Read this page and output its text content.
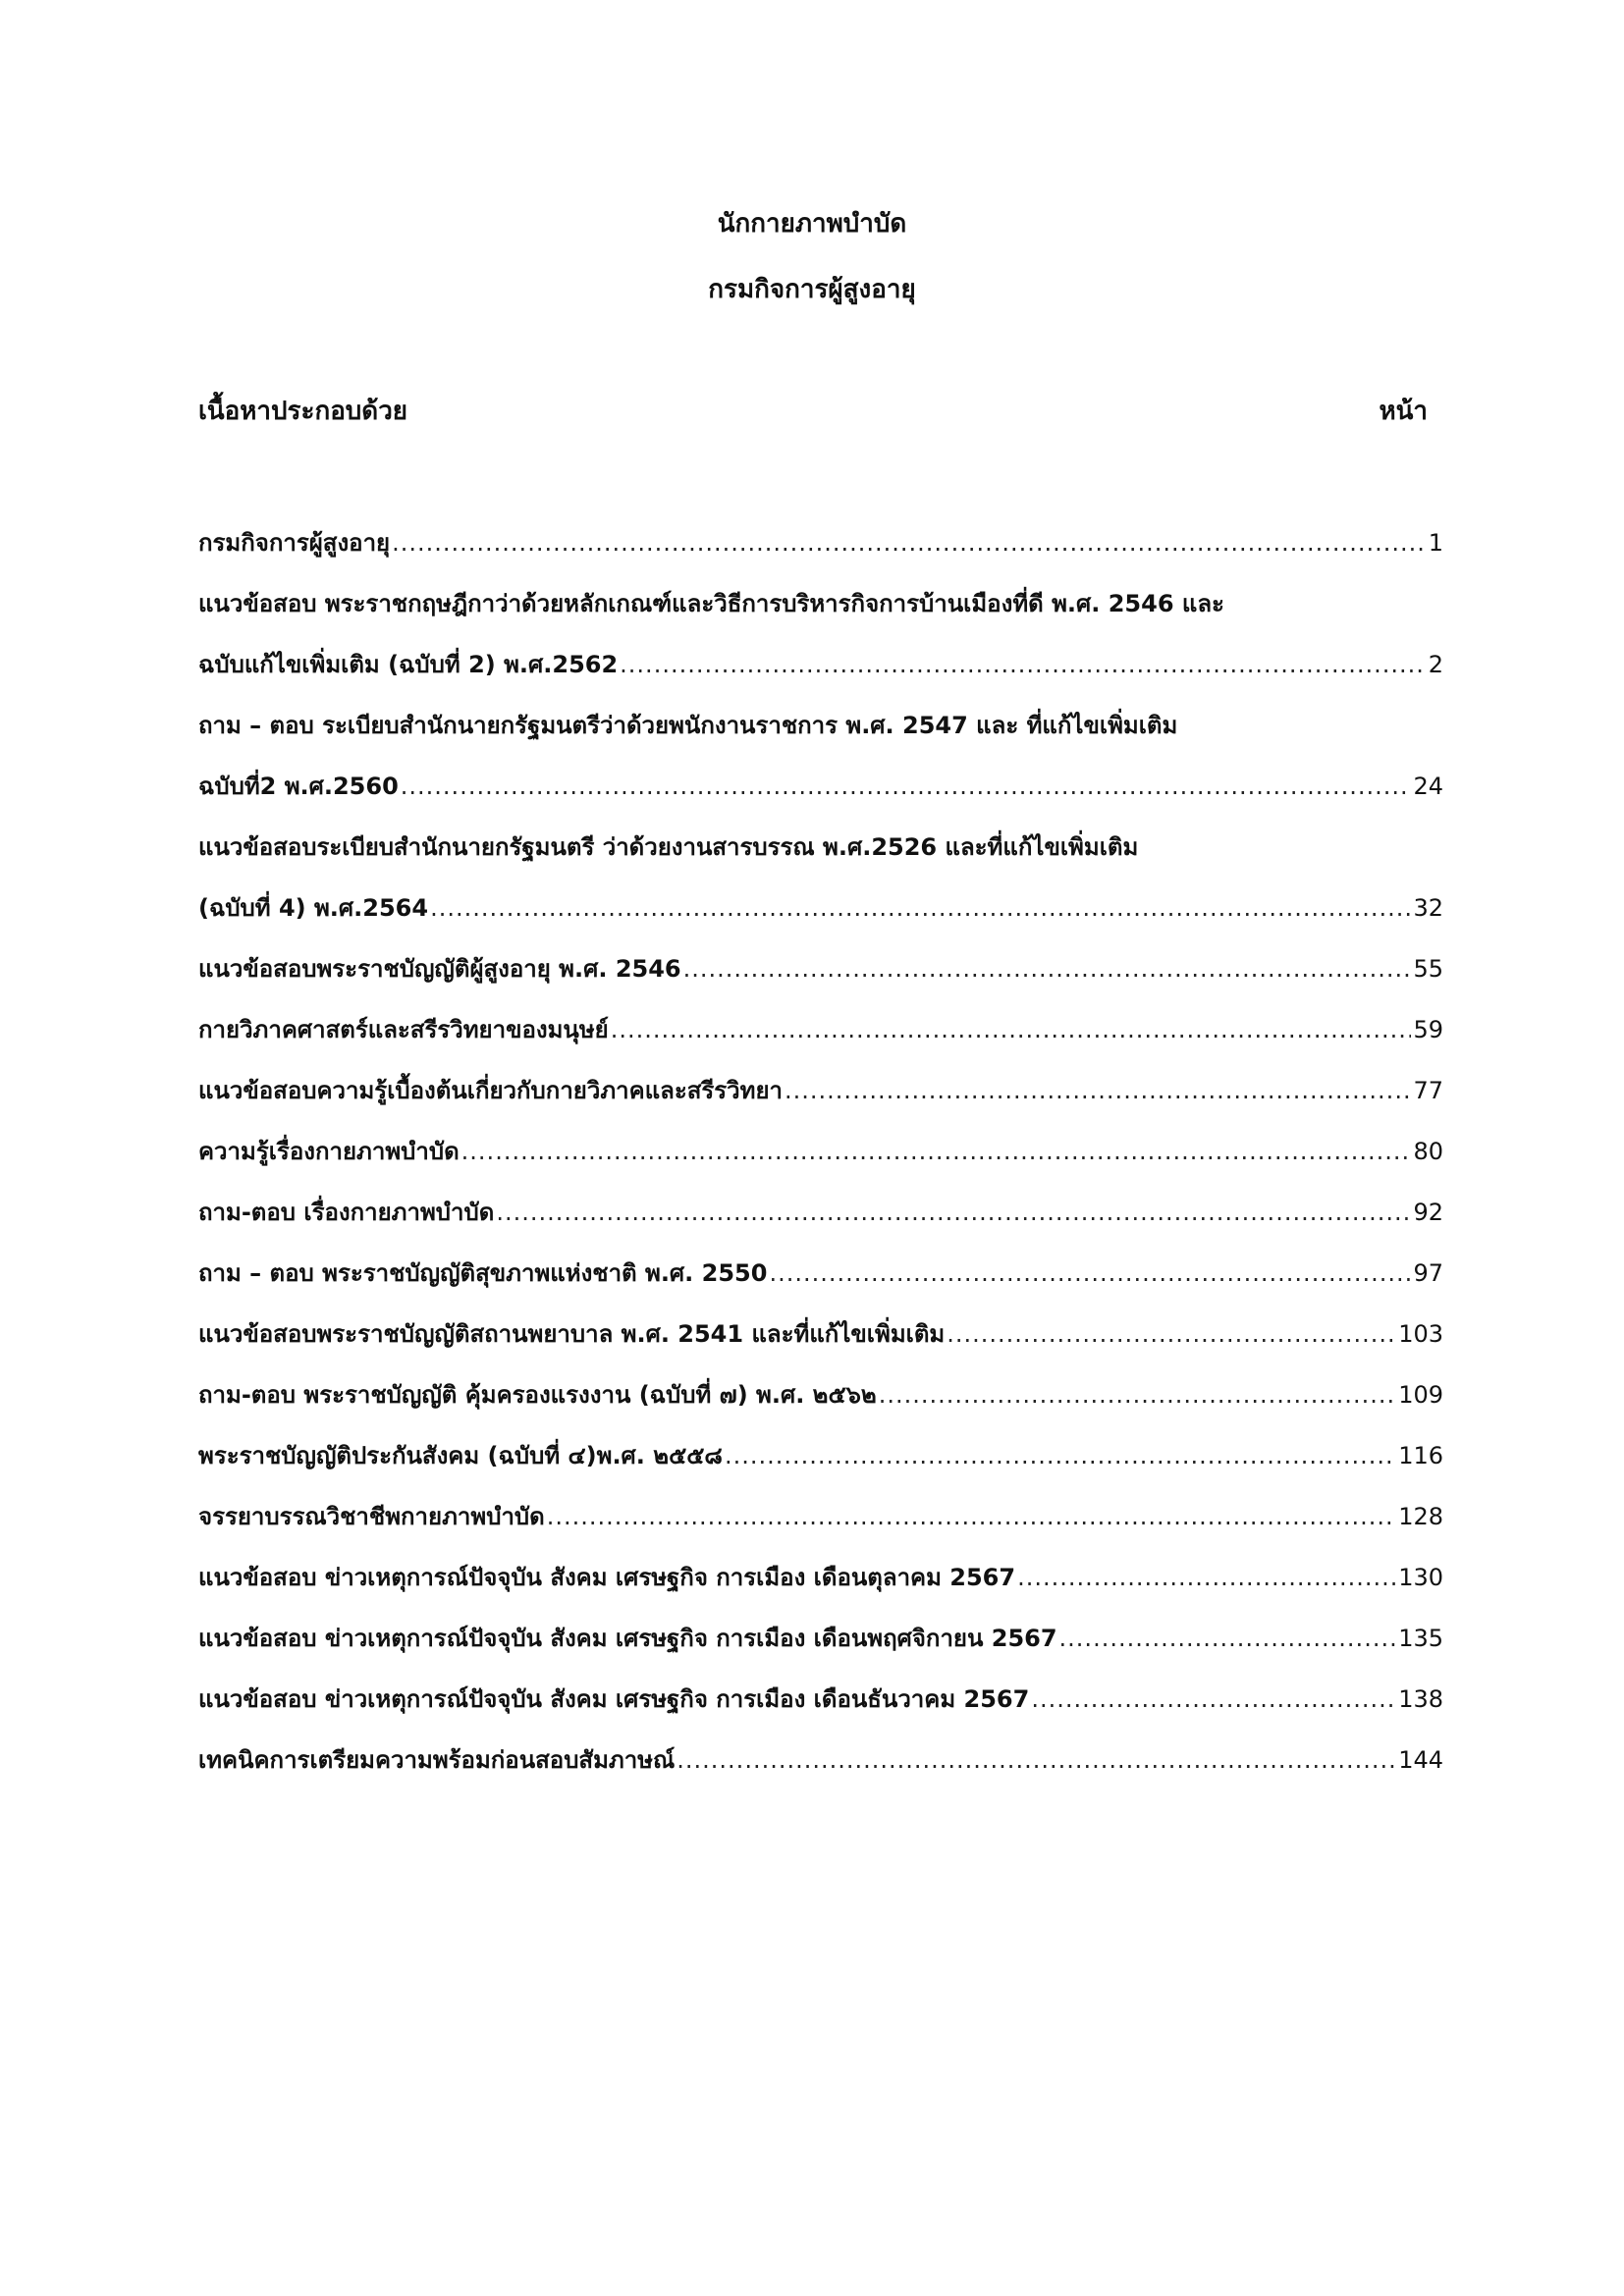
นักกายภาพบำบัด
กรมกิจการผู้สูงอายุ
เนื้อหาประกอบด้วย	หน้า
กรมกิจการผู้สูงอายุ .....	1
แนวข้อสอบ พระราชกฤษฎีกาว่าด้วยหลักเกณฑ์และวิธีการบริหารกิจการบ้านเมืองที่ดี พ.ศ. 2546 และ
ฉบับแก้ไขเพิ่มเติม (ฉบับที่ 2) พ.ศ.2562 .....	2
ถาม – ตอบ ระเบียบสำนักนายกรัฐมนตรีว่าด้วยพนักงานราชการ พ.ศ. 2547 และ ที่แก้ไขเพิ่มเติม
ฉบับที่2 พ.ศ.2560 .....	24
แนวข้อสอบระเบียบสำนักนายกรัฐมนตรี ว่าด้วยงานสารบรรณ พ.ศ.2526 และที่แก้ไขเพิ่มเติม
(ฉบับที่ 4) พ.ศ.2564 .....	32
แนวข้อสอบพระราชบัญญัติผู้สูงอายุ พ.ศ. 2546 .....	55
กายวิภาคศาสตร์และสรีรวิทยาของมนุษย์ .....	59
แนวข้อสอบความรู้เบื้องต้นเกี่ยวกับกายวิภาคและสรีรวิทยา .....	77
ความรู้เรื่องกายภาพบำบัด .....	80
ถาม-ตอบ เรื่องกายภาพบำบัด .....	92
ถาม – ตอบ พระราชบัญญัติสุขภาพแห่งชาติ พ.ศ. 2550 .....	97
แนวข้อสอบพระราชบัญญัติสถานพยาบาล พ.ศ. 2541 และที่แก้ไขเพิ่มเติม .....	103
ถาม-ตอบ พระราชบัญญัติ คุ้มครองแรงงาน (ฉบับที่ ๗) พ.ศ. ๒๕๖๒ .....	109
พระราชบัญญัติประกันสังคม (ฉบับที่ ๔)พ.ศ. ๒๕๕๘ .....	116
จรรยาบรรณวิชาชีพกายภาพบำบัด .....	128
แนวข้อสอบ ข่าวเหตุการณ์ปัจจุบัน สังคม เศรษฐกิจ การเมือง เดือนตุลาคม 2567 .....	130
แนวข้อสอบ ข่าวเหตุการณ์ปัจจุบัน สังคม เศรษฐกิจ การเมือง เดือนพฤศจิกายน 2567 .....	135
แนวข้อสอบ ข่าวเหตุการณ์ปัจจุบัน สังคม เศรษฐกิจ การเมือง เดือนธันวาคม 2567 .....	138
เทคนิคการเตรียมความพร้อมก่อนสอบสัมภาษณ์ .....	144
